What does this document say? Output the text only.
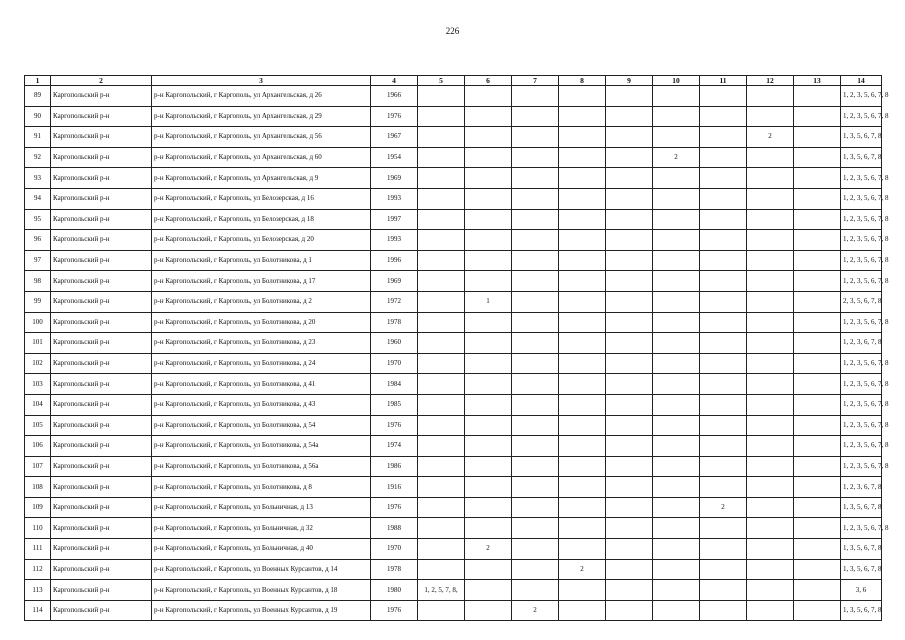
226
1	2	3	4	5	6	7	8	9	10	11	12	13	14
89	Каргопольский р-н	р-н Каргопольский, г Каргополь, ул Архангельская, д 26	1966										1, 2, 3, 5, 6, 7, 8
90	Каргопольский р-н	р-н Каргопольский, г Каргополь, ул Архангельская, д 29	1976										1, 2, 3, 5, 6, 7, 8
91	Каргопольский р-н	р-н Каргопольский, г Каргополь, ул Архангельская, д 56	1967								2		1, 3, 5, 6, 7, 8
92	Каргопольский р-н	р-н Каргопольский, г Каргополь, ул Архангельская, д 60	1954						2				1, 3, 5, 6, 7, 8
93	Каргопольский р-н	р-н Каргопольский, г Каргополь, ул Архангельская, д 9	1969										1, 2, 3, 5, 6, 7, 8
94	Каргопольский р-н	р-н Каргопольский, г Каргополь, ул Белозерская, д 16	1993										1, 2, 3, 5, 6, 7, 8
95	Каргопольский р-н	р-н Каргопольский, г Каргополь, ул Белозерская, д 18	1997										1, 2, 3, 5, 6, 7, 8
96	Каргопольский р-н	р-н Каргопольский, г Каргополь, ул Белозерская, д 20	1993										1, 2, 3, 5, 6, 7, 8
97	Каргопольский р-н	р-н Каргопольский, г Каргополь, ул Болотникова, д 1	1996										1, 2, 3, 5, 6, 7, 8
98	Каргопольский р-н	р-н Каргопольский, г Каргополь, ул Болотникова, д 17	1969										1, 2, 3, 5, 6, 7, 8
99	Каргопольский р-н	р-н Каргопольский, г Каргополь, ул Болотникова, д 2	1972		1								2, 3, 5, 6, 7, 8
100	Каргопольский р-н	р-н Каргопольский, г Каргополь, ул Болотникова, д 20	1978										1, 2, 3, 5, 6, 7, 8
101	Каргопольский р-н	р-н Каргопольский, г Каргополь, ул Болотникова, д 23	1960										1, 2, 3, 6, 7, 8
102	Каргопольский р-н	р-н Каргопольский, г Каргополь, ул Болотникова, д 24	1970										1, 2, 3, 5, 6, 7, 8
103	Каргопольский р-н	р-н Каргопольский, г Каргополь, ул Болотникова, д 41	1984										1, 2, 3, 5, 6, 7, 8
104	Каргопольский р-н	р-н Каргопольский, г Каргополь, ул Болотникова, д 43	1985										1, 2, 3, 5, 6, 7, 8
105	Каргопольский р-н	р-н Каргопольский, г Каргополь, ул Болотникова, д 54	1976										1, 2, 3, 5, 6, 7, 8
106	Каргопольский р-н	р-н Каргопольский, г Каргополь, ул Болотникова, д 54а	1974										1, 2, 3, 5, 6, 7, 8
107	Каргопольский р-н	р-н Каргопольский, г Каргополь, ул Болотникова, д 56а	1986										1, 2, 3, 5, 6, 7, 8
108	Каргопольский р-н	р-н Каргопольский, г Каргополь, ул Болотникова, д 8	1916										1, 2, 3, 6, 7, 8
109	Каргопольский р-н	р-н Каргопольский, г Каргополь, ул Больничная, д 13	1976							2			1, 3, 5, 6, 7, 8
110	Каргопольский р-н	р-н Каргопольский, г Каргополь, ул Больничная, д 32	1988										1, 2, 3, 5, 6, 7, 8
111	Каргопольский р-н	р-н Каргопольский, г Каргополь, ул Больничная, д 40	1970		2								1, 3, 5, 6, 7, 8
112	Каргопольский р-н	р-н Каргопольский, г Каргополь, ул Военных Курсантов, д 14	1978				2						1, 3, 5, 6, 7, 8
113	Каргопольский р-н	р-н Каргопольский, г Каргополь, ул Военных Курсантов, д 18	1980	1, 2, 5, 7, 8,									3, 6
114	Каргопольский р-н	р-н Каргопольский, г Каргополь, ул Военных Курсантов, д 19	1976			2							1, 3, 5, 6, 7, 8
